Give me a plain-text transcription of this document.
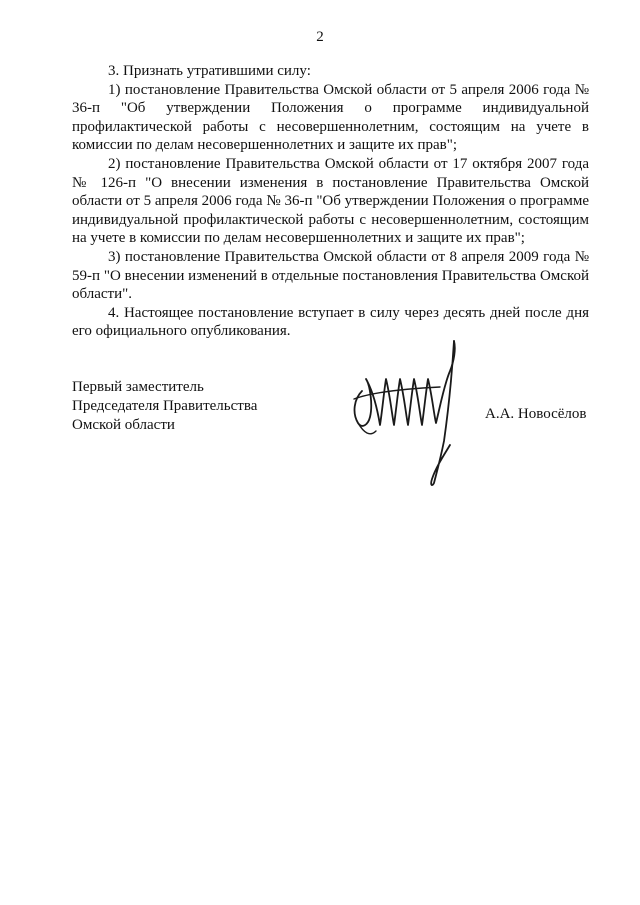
2

3. Признать утратившими силу:

1) постановление Правительства Омской области от 5 апреля 2006 года № 36-п "Об утверждении Положения о программе индивидуальной профилактической работы с несовершеннолетним, состоящим на учете в комиссии по делам несовершеннолетних и защите их прав";

2) постановление Правительства Омской области от 17 октября 2007 года № 126-п "О внесении изменения в постановление Правительства Омской области от 5 апреля 2006 года № 36-п "Об утверждении Положения о программе индивидуальной профилактической работы с несовершеннолетним, состоящим на учете в комиссии по делам несовершеннолетних и защите их прав";

3) постановление Правительства Омской области от 8 апреля 2009 года № 59-п "О внесении изменений в отдельные постановления Правительства Омской области".

4. Настоящее постановление вступает в силу через десять дней после дня его официального опубликования.

Первый заместитель
Председателя Правительства
Омской области
А.А. Новосёлов
